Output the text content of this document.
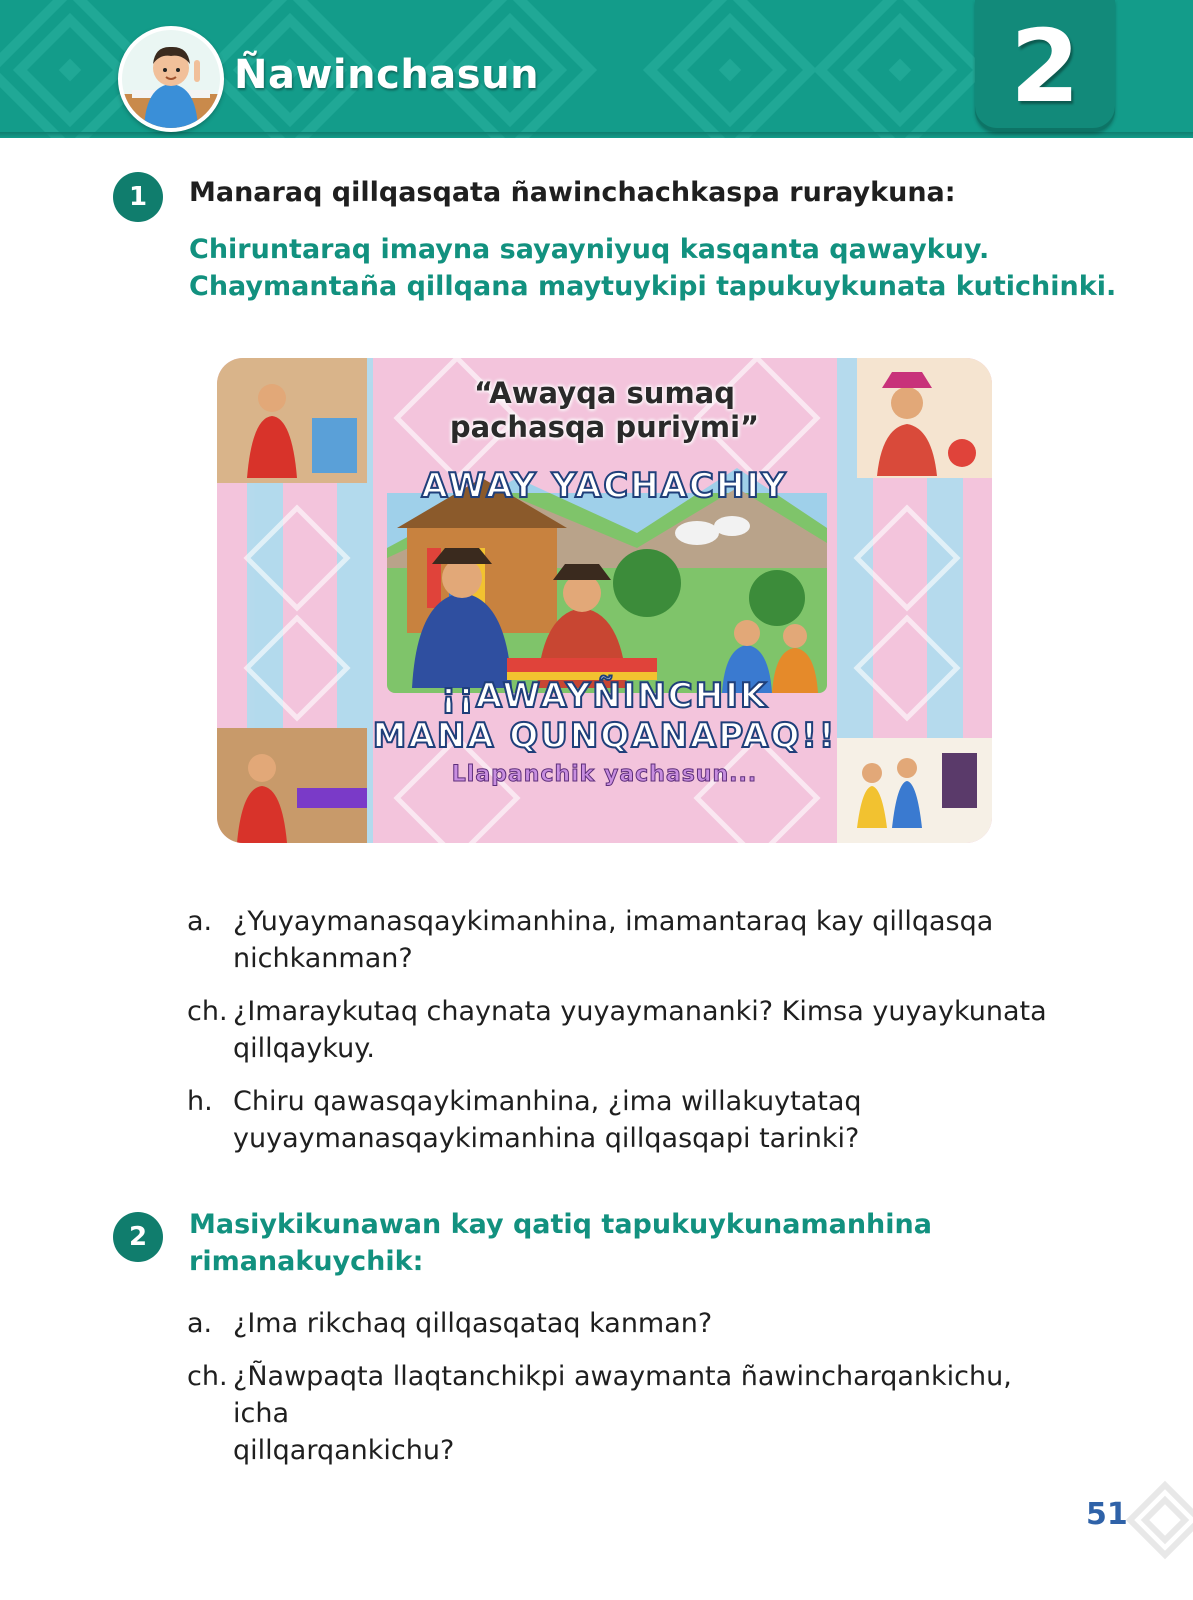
Ñawinchasun	2
1	Manaraq qillqasqata ñawinchachkaspa ruraykuna:
Chiruntaraq imayna sayayniyuq kasqanta qawaykuy.
Chaymantaña qillqana maytuykipi tapukuykunata kutichinki.
“Awayqa sumaq
pachasqa puriymi”
AWAY YACHACHIY
¡¡AWAYÑINCHIK
MANA QUNQANAPAQ!!
Llapanchik yachasun...
a. ¿Yuyaymanasqaykimanhina, imamantaraq kay qillqasqa
nichkanman?
ch. ¿Imaraykutaq chaynata yuyaymananki? Kimsa yuyaykunata
qillqaykuy.
h. Chiru qawasqaykimanhina, ¿ima willakuytataq
yuyaymanasqaykimanhina qillqasqapi tarinki?
2	Masiykikunawan kay qatiq tapukuykunamanhina
rimanakuychik:
a. ¿Ima rikchaq qillqasqataq kanman?
ch. ¿Ñawpaqta llaqtanchikpi awaymanta ñawincharqankichu, icha
qillqarqankichu?
51
